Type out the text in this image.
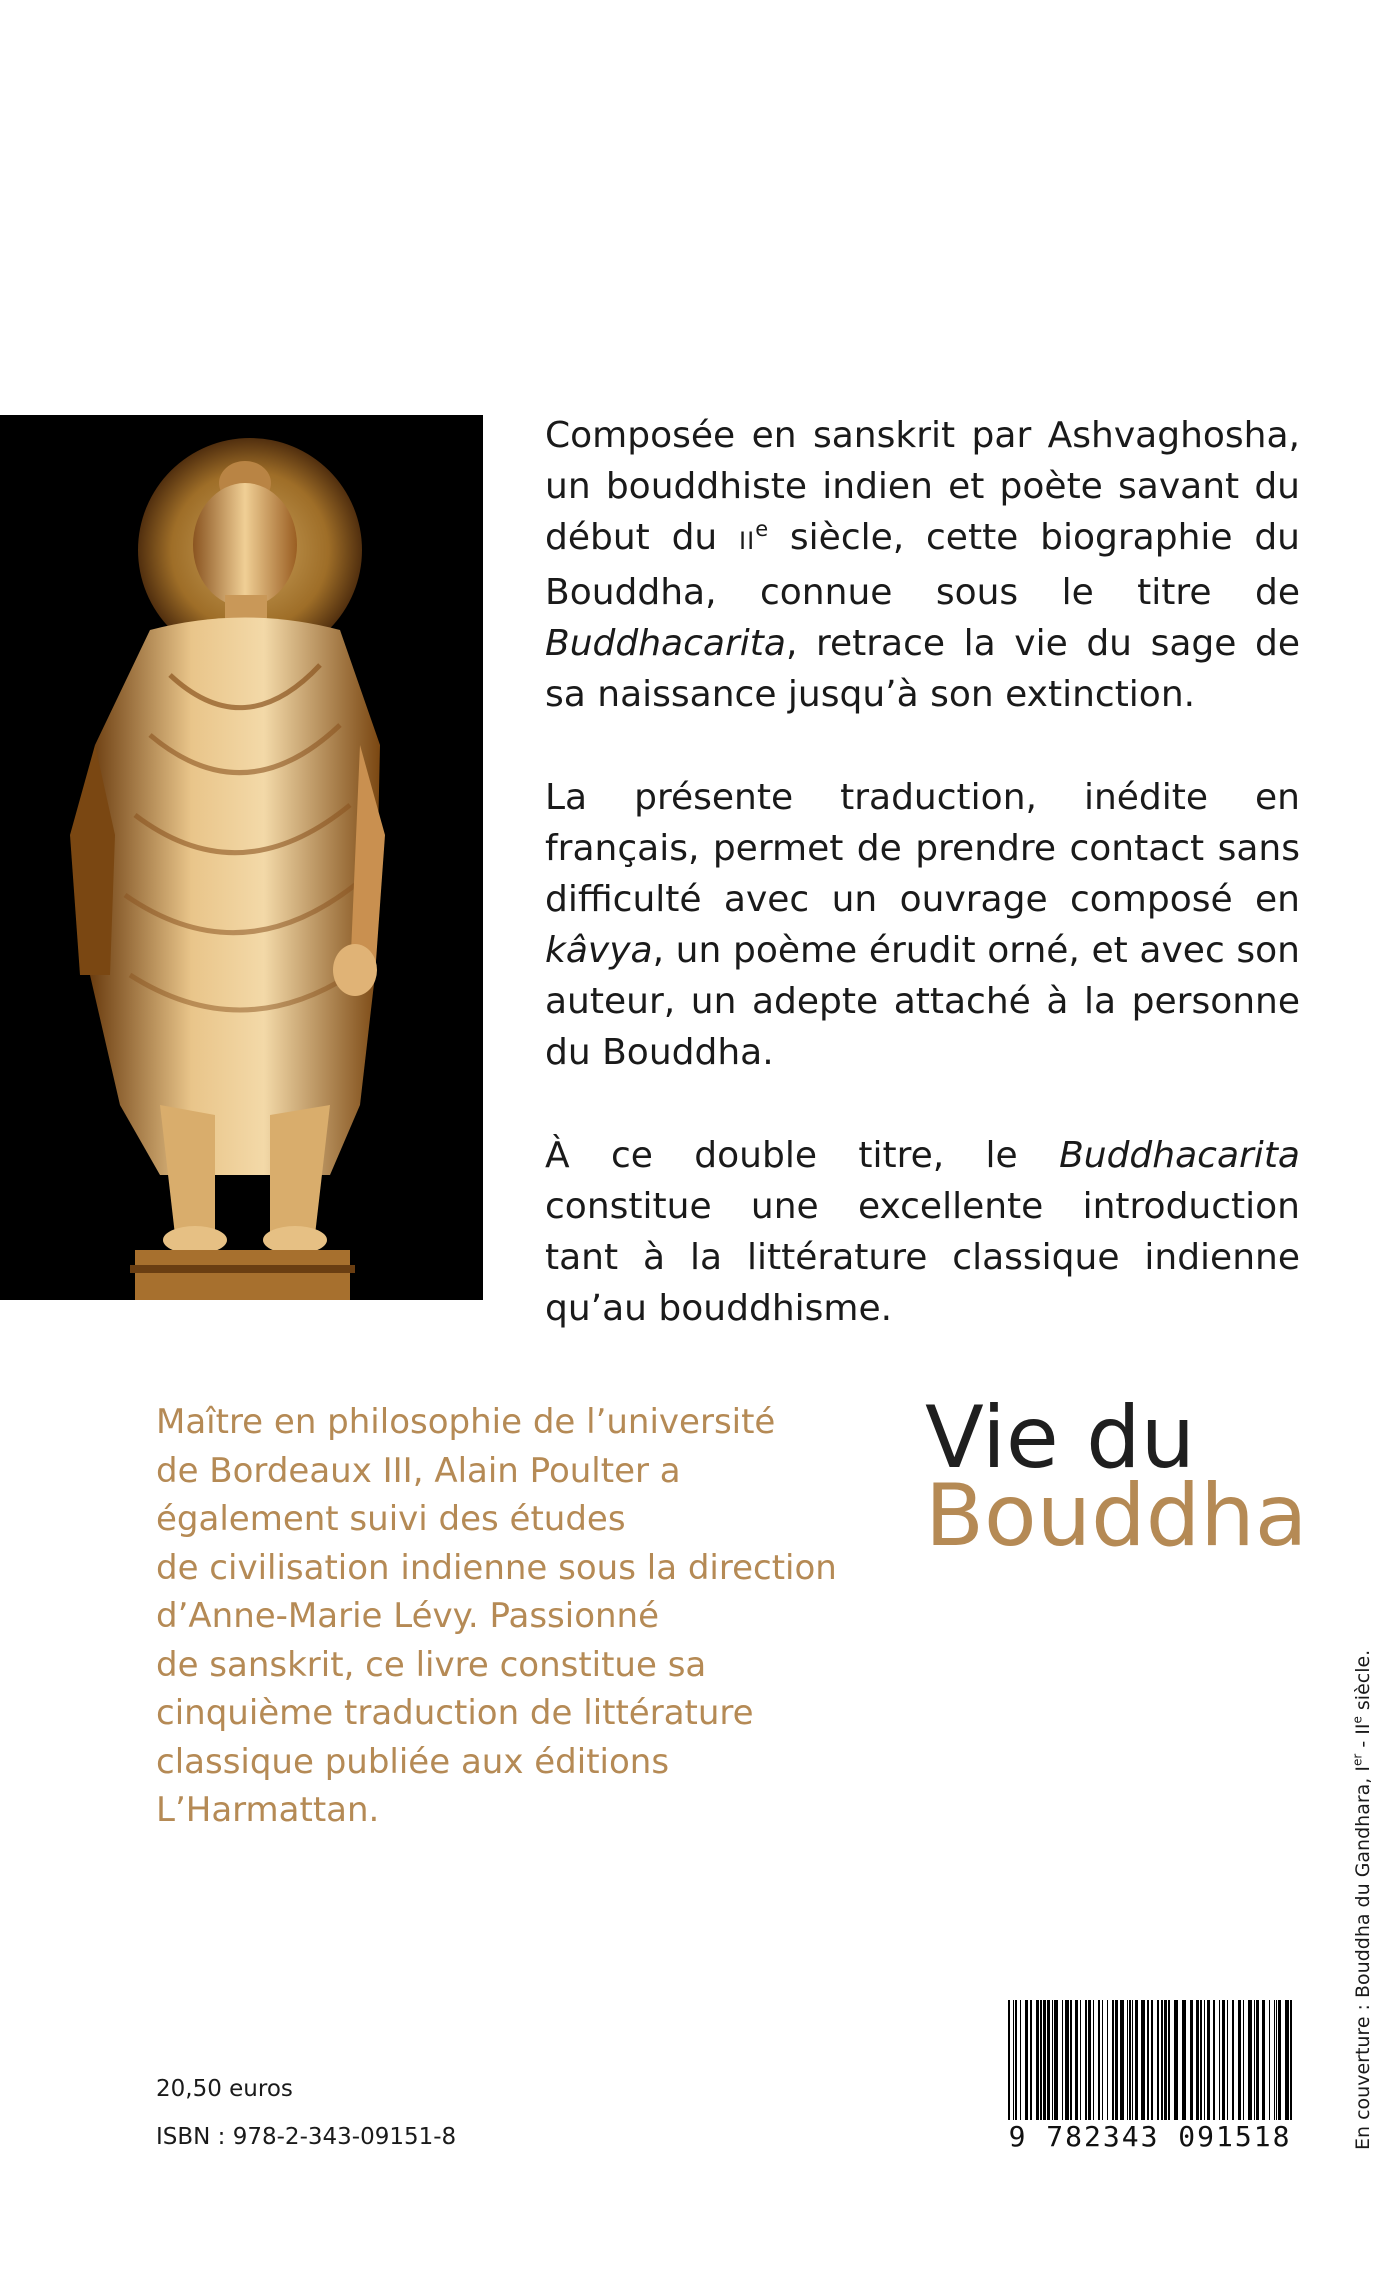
Composée en sanskrit par Ashvaghosha, un bouddhiste indien et poète savant du début du IIe siècle, cette biographie du Bouddha, connue sous le titre de Buddhacarita, retrace la vie du sage de sa naissance jusqu’à son extinction.

La présente traduction, inédite en français, permet de prendre contact sans difficulté avec un ouvrage composé en kâvya, un poème érudit orné, et avec son auteur, un adepte attaché à la personne du Bouddha.

À ce double titre, le Buddhacarita constitue une excellente introduction tant à la littérature classique indienne qu’au bouddhisme.

Maître en philosophie de l’université
de Bordeaux III, Alain Poulter a
également suivi des études
de civilisation indienne sous la direction
d’Anne-Marie Lévy. Passionné
de sanskrit, ce livre constitue sa
cinquième traduction de littérature
classique publiée aux éditions
L’Harmattan.
Vie du
Bouddha
20,50 euros
ISBN : 978-2-343-09151-8	9 782343 091518	En couverture : Bouddha du Gandhara, Ier - IIe siècle.
